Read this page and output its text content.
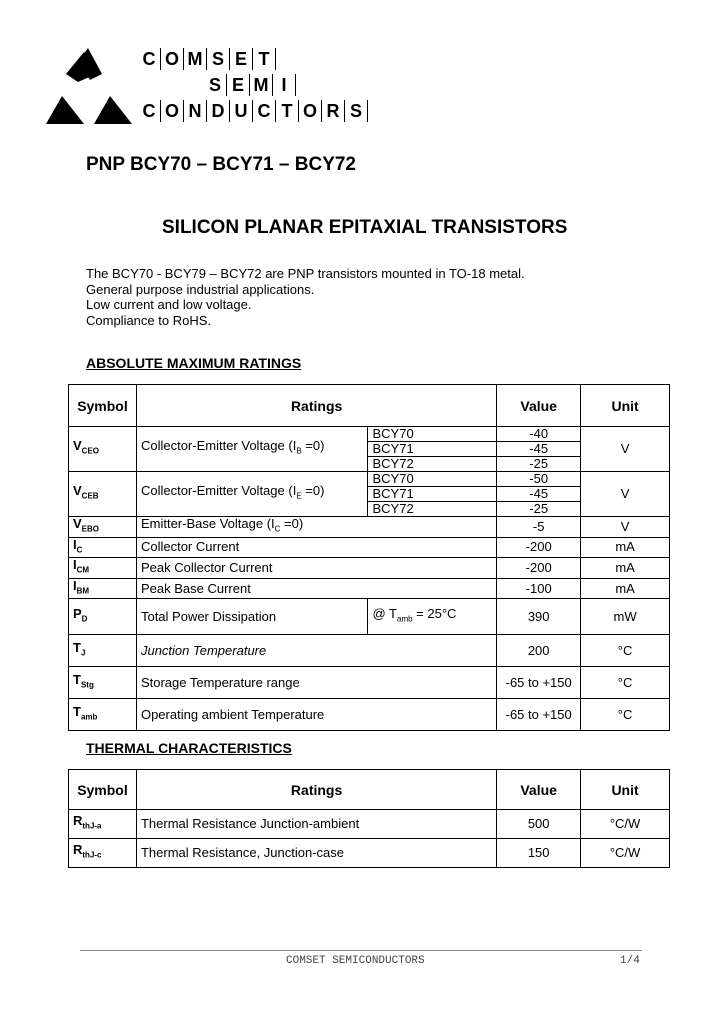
C O M S E T
S E M I
C O N D U C T O R S
PNP BCY70 – BCY71 – BCY72
SILICON PLANAR EPITAXIAL TRANSISTORS
The BCY70 - BCY79 – BCY72 are PNP transistors mounted in TO-18 metal.
General purpose industrial applications.
Low current and low voltage.
Compliance to RoHS.
ABSOLUTE MAXIMUM RATINGS
Symbol	Ratings		Value	Unit
$V_{CEO}$	Collector-Emitter Voltage $(I_B =0)$	BCY70	-40	V
		BCY71	-45	
		BCY72	-25	
$V_{CEB}$	Collector-Emitter Voltage $(I_E =0)$	BCY70	-50	V
		BCY71	-45	
		BCY72	-25	
$V_{EBO}$	Emitter-Base Voltage $(I_C =0)$		-5	V
$I_C$	Collector Current		-200	mA
$I_{CM}$	Peak Collector Current		-200	mA
$I_{BM}$	Peak Base Current		-100	mA
$P_D$	Total Power Dissipation	@ $T_{amb} = 25^\circ C$	390	mW
$T_J$	Junction Temperature		200	°C
$T_{Stg}$	Storage Temperature range		-65 to +150	°C
$T_{amb}$	Operating ambient Temperature		-65 to +150	°C
THERMAL CHARACTERISTICS
Symbol	Ratings	Value	Unit
$R_{thJ-a}$	Thermal Resistance Junction-ambient	500	°C/W
$R_{thJ-c}$	Thermal Resistance, Junction-case	150	°C/W
COMSET SEMICONDUCTORS	1/4
